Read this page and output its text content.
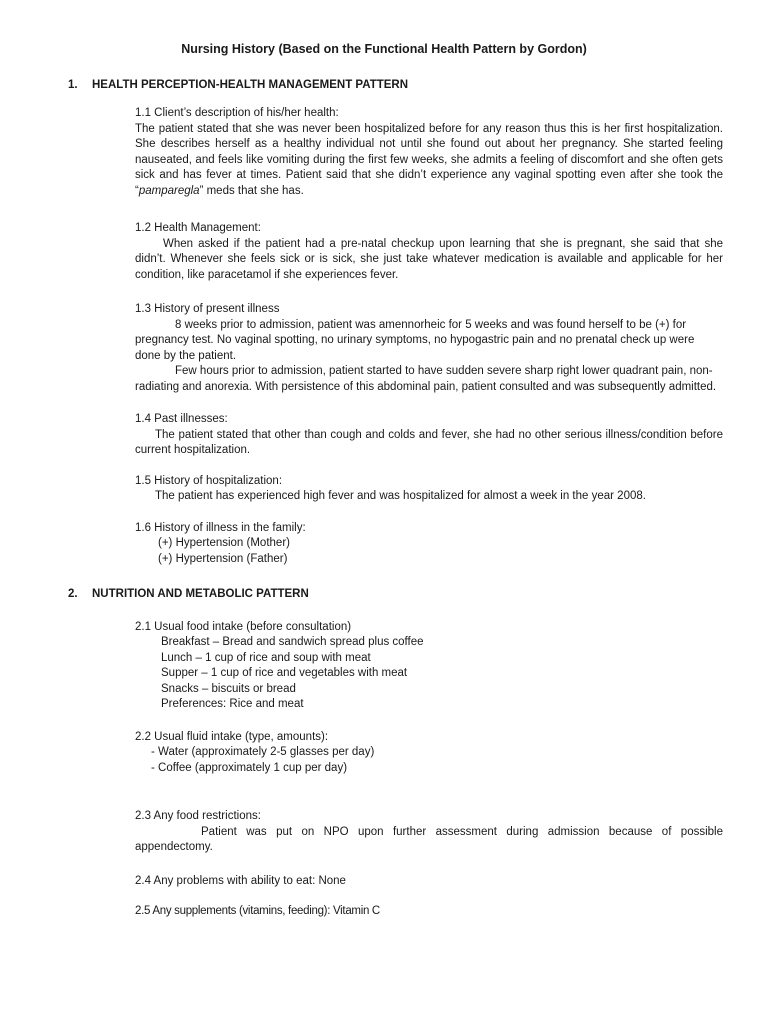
Nursing History (Based on the Functional Health Pattern by Gordon)
1. HEALTH PERCEPTION-HEALTH MANAGEMENT PATTERN
1.1 Client’s description of his/her health:

The patient stated that she was never been hospitalized before for any reason thus this is her first hospitalization. She describes herself as a healthy individual not until she found out about her pregnancy. She started feeling nauseated, and feels like vomiting during the first few weeks, she admits a feeling of discomfort and she often gets sick and has fever at times. Patient said that she didn’t experience any vaginal spotting even after she took the “pamparegla” meds that she has.

1.2 Health Management:

When asked if the patient had a pre-natal checkup upon learning that she is pregnant, she said that she didn’t. Whenever she feels sick or is sick, she just take whatever medication is available and applicable for her condition, like paracetamol if she experiences fever.

1.3 History of present illness

8 weeks prior to admission, patient was amennorheic for 5 weeks and was found herself to be (+) for pregnancy test. No vaginal spotting, no urinary symptoms, no hypogastric pain and no prenatal check up were done by the patient.

Few hours prior to admission, patient started to have sudden severe sharp right lower quadrant pain, non-radiating and anorexia. With persistence of this abdominal pain, patient consulted and was subsequently admitted.

1.4 Past illnesses:

The patient stated that other than cough and colds and fever, she had no other serious illness/condition before current hospitalization.

1.5 History of hospitalization:

The patient has experienced high fever and was hospitalized for almost a week in the year 2008.

1.6 History of illness in the family:
(+) Hypertension (Mother)
(+) Hypertension (Father)
2. NUTRITION AND METABOLIC PATTERN
2.1 Usual food intake (before consultation)
Breakfast – Bread and sandwich spread plus coffee
Lunch – 1 cup of rice and soup with meat
Supper – 1 cup of rice and vegetables with meat
Snacks – biscuits or bread
Preferences: Rice and meat
2.2 Usual fluid intake (type, amounts):
- Water (approximately 2-5 glasses per day)
- Coffee (approximately 1 cup per day)
2.3 Any food restrictions:

Patient was put on NPO upon further assessment during admission because of possible appendectomy.

2.4 Any problems with ability to eat: None
2.5 Any supplements (vitamins, feeding): Vitamin C
